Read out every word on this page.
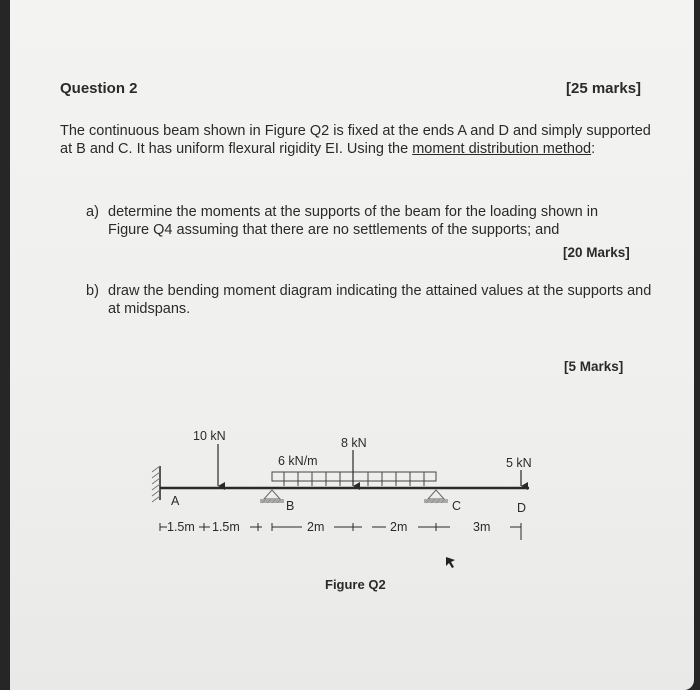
Question 2	[25 marks]
The continuous beam shown in Figure Q2 is fixed at the ends A and D and simply supported
at B and C. It has uniform flexural rigidity EI. Using the moment distribution method:
a) determine the moments at the supports of the beam for the loading shown in
Figure Q4 assuming that there are no settlements of the supports; and
[20 Marks]
b) draw the bending moment diagram indicating the attained values at the supports and
at midspans.
[5 Marks]
10 kN
6 kN/m
8 kN
5 kN
A	B	C	D
1.5m 1.5m	2m	2m	3m
Figure Q2
